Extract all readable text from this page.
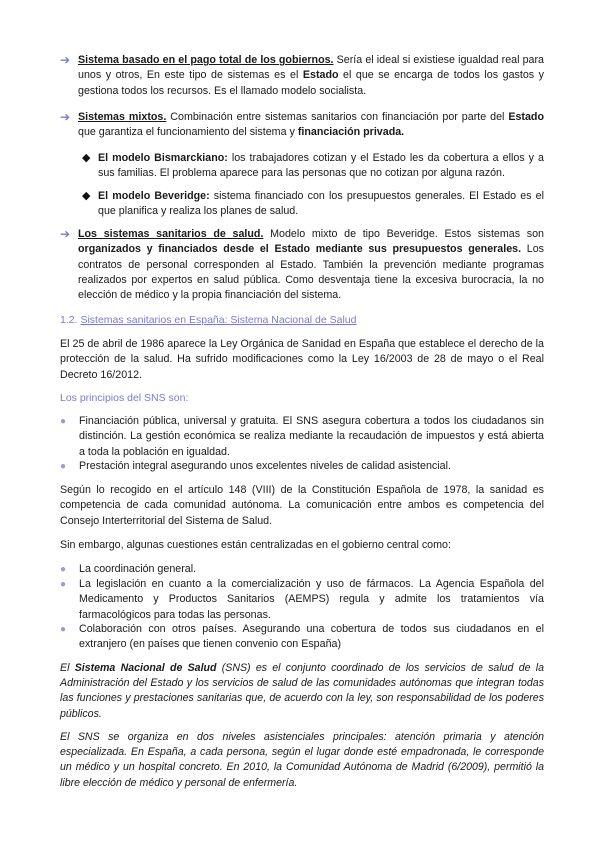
➔ Sistema basado en el pago total de los gobiernos. Sería el ideal si existiese igualdad real para unos y otros, En este tipo de sistemas es el Estado el que se encarga de todos los gastos y gestiona todos los recursos. Es el llamado modelo socialista.

➔ Sistemas mixtos. Combinación entre sistemas sanitarios con financiación por parte del Estado que garantiza el funcionamiento del sistema y financiación privada.

◆ El modelo Bismarckiano: los trabajadores cotizan y el Estado les da cobertura a ellos y a sus familias. El problema aparece para las personas que no cotizan por alguna razón.

◆ El modelo Beveridge: sistema financiado con los presupuestos generales. El Estado es el que planifica y realiza los planes de salud.

➔ Los sistemas sanitarios de salud. Modelo mixto de tipo Beveridge. Estos sistemas son organizados y financiados desde el Estado mediante sus presupuestos generales. Los contratos de personal corresponden al Estado. También la prevención mediante programas realizados por expertos en salud pública. Como desventaja tiene la excesiva burocracia, la no elección de médico y la propia financiación del sistema.

1.2. Sistemas sanitarios en España: Sistema Nacional de Salud

El 25 de abril de 1986 aparece la Ley Orgánica de Sanidad en España que establece el derecho de la protección de la salud. Ha sufrido modificaciones como la Ley 16/2003 de 28 de mayo o el Real Decreto 16/2012.

Los principios del SNS son:
● Financiación pública, universal y gratuita. El SNS asegura cobertura a todos los ciudadanos sin distinción. La gestión económica se realiza mediante la recaudación de impuestos y está abierta a toda la población en igualdad.

● Prestación integral asegurando unos excelentes niveles de calidad asistencial.

Según lo recogido en el artículo 148 (VIII) de la Constitución Española de 1978, la sanidad es competencia de cada comunidad autónoma. La comunicación entre ambos es competencia del Consejo Interterritorial del Sistema de Salud.

Sin embargo, algunas cuestiones están centralizadas en el gobierno central como:

● La coordinación general.

● La legislación en cuanto a la comercialización y uso de fármacos. La Agencia Española del Medicamento y Productos Sanitarios (AEMPS) regula y admite los tratamientos vía farmacológicos para todas las personas.

● Colaboración con otros países. Asegurando una cobertura de todos sus ciudadanos en el extranjero (en países que tienen convenio con España)

El Sistema Nacional de Salud (SNS) es el conjunto coordinado de los servicios de salud de la Administración del Estado y los servicios de salud de las comunidades autónomas que integran todas las funciones y prestaciones sanitarias que, de acuerdo con la ley, son responsabilidad de los poderes públicos.

El SNS se organiza en dos niveles asistenciales principales: atención primaria y atención especializada. En España, a cada persona, según el lugar donde esté empadronada, le corresponde un médico y un hospital concreto. En 2010, la Comunidad Autónoma de Madrid (6/2009), permitió la libre elección de médico y personal de enfermería.
